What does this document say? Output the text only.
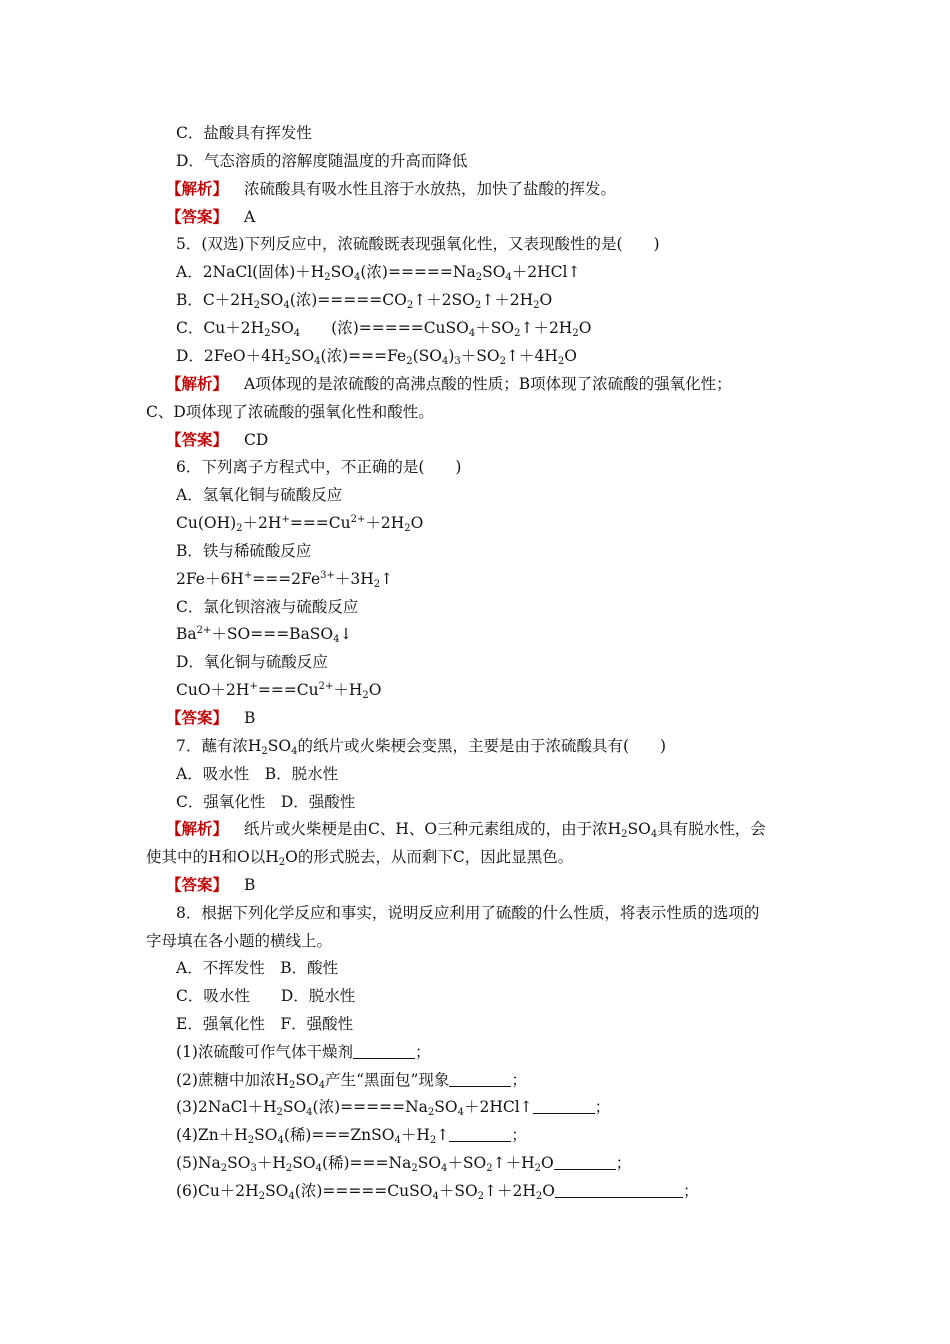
C．盐酸具有挥发性
D．气态溶质的溶解度随温度的升高而降低
【解析】 浓硫酸具有吸水性且溶于水放热，加快了盐酸的挥发。
【答案】 A
5．(双选)下列反应中，浓硫酸既表现强氧化性，又表现酸性的是(　　)
A．2NaCl(固体)$+H_2SO_4$(浓)$=====Na_2SO_4+2HCl↑$
B．$C+2H_2SO_4$(浓)$=====CO_2↑+2SO_2↑+2H_2O$
C．$Cu+2H_2SO_4$　　(浓)$=====CuSO_4+SO_2↑+2H_2O$
D．$2FeO+4H_2SO_4$(浓)$===Fe_2(SO_4)_3+SO_2↑+4H_2O$
【解析】 A项体现的是浓硫酸的高沸点酸的性质；B项体现了浓硫酸的强氧化性；
C、D项体现了浓硫酸的强氧化性和酸性。
【答案】 CD
6．下列离子方程式中，不正确的是(　　)
A．氢氧化铜与硫酸反应
$Cu(OH)_2+2H^+===Cu^{2+}+2H_2O$
B．铁与稀硫酸反应
$2Fe+6H^+===2Fe^{3+}+3H_2↑$
C．氯化钡溶液与硫酸反应
$Ba^{2+}+SO===BaSO_4↓$
D．氧化铜与硫酸反应
$CuO+2H^+===Cu^{2+}+H_2O$
【答案】 B
7．蘸有浓$H_2SO_4$的纸片或火柴梗会变黑，主要是由于浓硫酸具有(　　)
A．吸水性　B．脱水性
C．强氧化性　D．强酸性
【解析】 纸片或火柴梗是由C、H、O三种元素组成的，由于浓$H_2SO_4$具有脱水性，会
使其中的H和O以$H_2O$的形式脱去，从而剩下C，因此显黑色。
【答案】 B
8．根据下列化学反应和事实，说明反应利用了硫酸的什么性质，将表示性质的选项的
字母填在各小题的横线上。
A．不挥发性　B．酸性
C．吸水性　　D．脱水性
E．强氧化性　F．强酸性
(1)浓硫酸可作气体干燥剂	；
(2)蔗糖中加浓$H_2SO_4$产生“黑面包”现象	；
$(3)2NaCl+H_2SO_4$(浓)$=====Na_2SO_4+2HCl↑$	；
$(4)Zn+H_2SO_4$(稀)$===ZnSO_4+H_2↑$	；
$(5)Na_2SO_3+H_2SO_4$(稀)$===Na_2SO_4+SO_2↑+H_2O$	；
$(6)Cu+2H_2SO_4$(浓)$=====CuSO_4+SO_2↑+2H_2O$	；
